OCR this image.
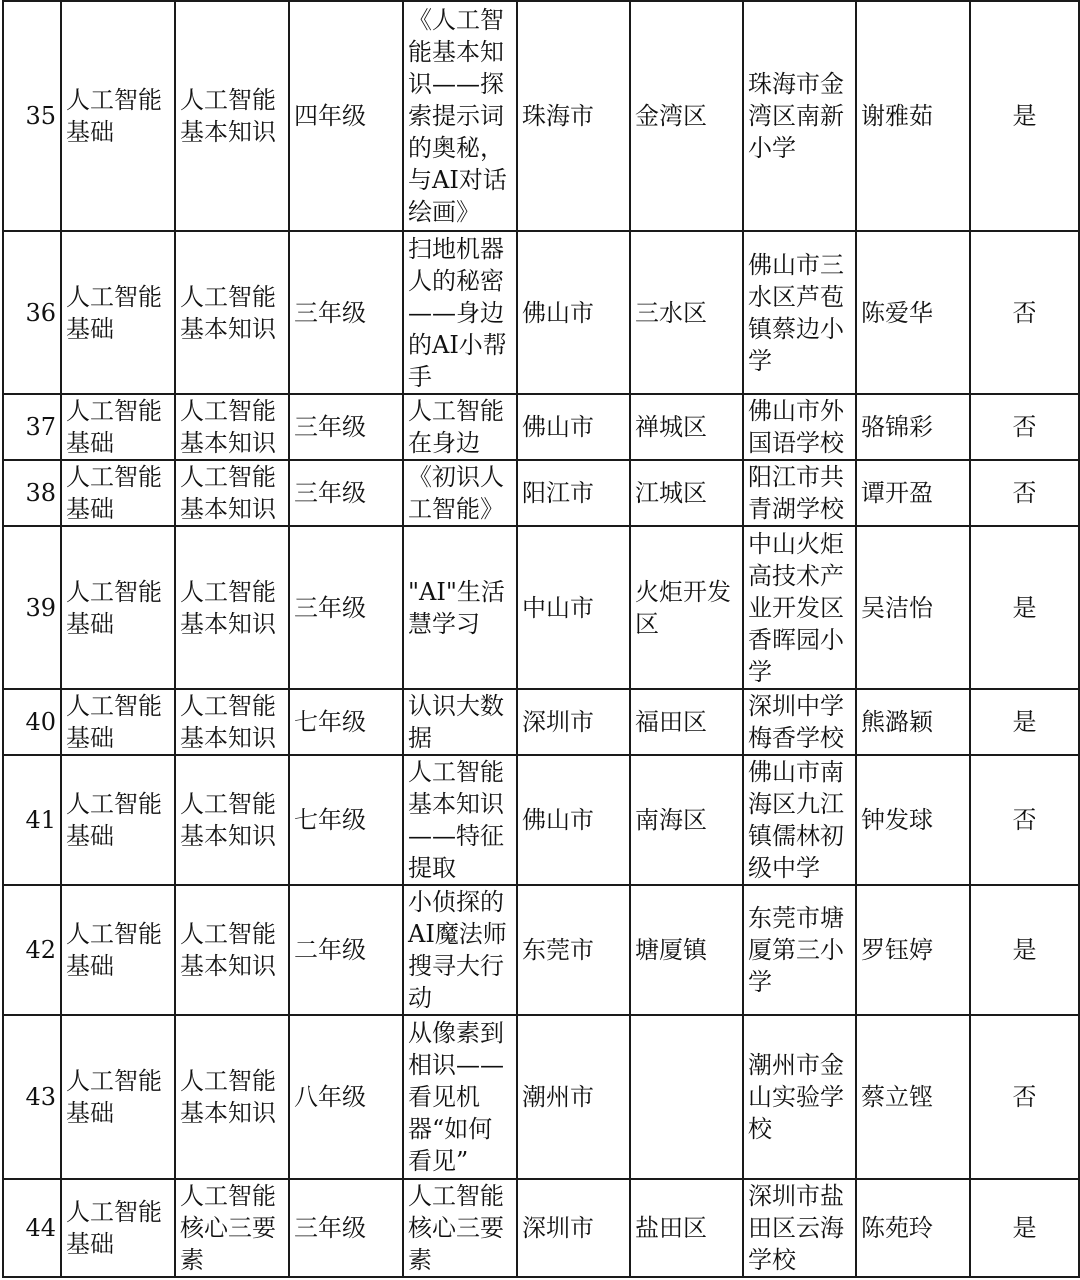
35	人工智能基础	人工智能基本知识	四年级	《人工智能基本知识——探索提示词的奥秘，与AI对话绘画》	珠海市	金湾区	珠海市金湾区南新小学	谢雅茹	是
36	人工智能基础	人工智能基本知识	三年级	扫地机器人的秘密——身边的AI小帮手	佛山市	三水区	佛山市三水区芦苞镇蔡边小学	陈爱华	否
37	人工智能基础	人工智能基本知识	三年级	人工智能在身边	佛山市	禅城区	佛山市外国语学校	骆锦彩	否
38	人工智能基础	人工智能基本知识	三年级	《初识人工智能》	阳江市	江城区	阳江市共青湖学校	谭开盈	否
39	人工智能基础	人工智能基本知识	三年级	"AI"生活慧学习	中山市	火炬开发区	中山火炬高技术产业开发区香晖园小学	吴洁怡	是
40	人工智能基础	人工智能基本知识	七年级	认识大数据	深圳市	福田区	深圳中学梅香学校	熊潞颖	是
41	人工智能基础	人工智能基本知识	七年级	人工智能基本知识——特征提取	佛山市	南海区	佛山市南海区九江镇儒林初级中学	钟发球	否
42	人工智能基础	人工智能基本知识	二年级	小侦探的AI魔法师搜寻大行动	东莞市	塘厦镇	东莞市塘厦第三小学	罗钰婷	是
43	人工智能基础	人工智能基本知识	八年级	从像素到相识——看见机器“如何看见”	潮州市		潮州市金山实验学校	蔡立铿	否
44	人工智能基础	人工智能核心三要素	三年级	人工智能核心三要素	深圳市	盐田区	深圳市盐田区云海学校	陈苑玲	是
